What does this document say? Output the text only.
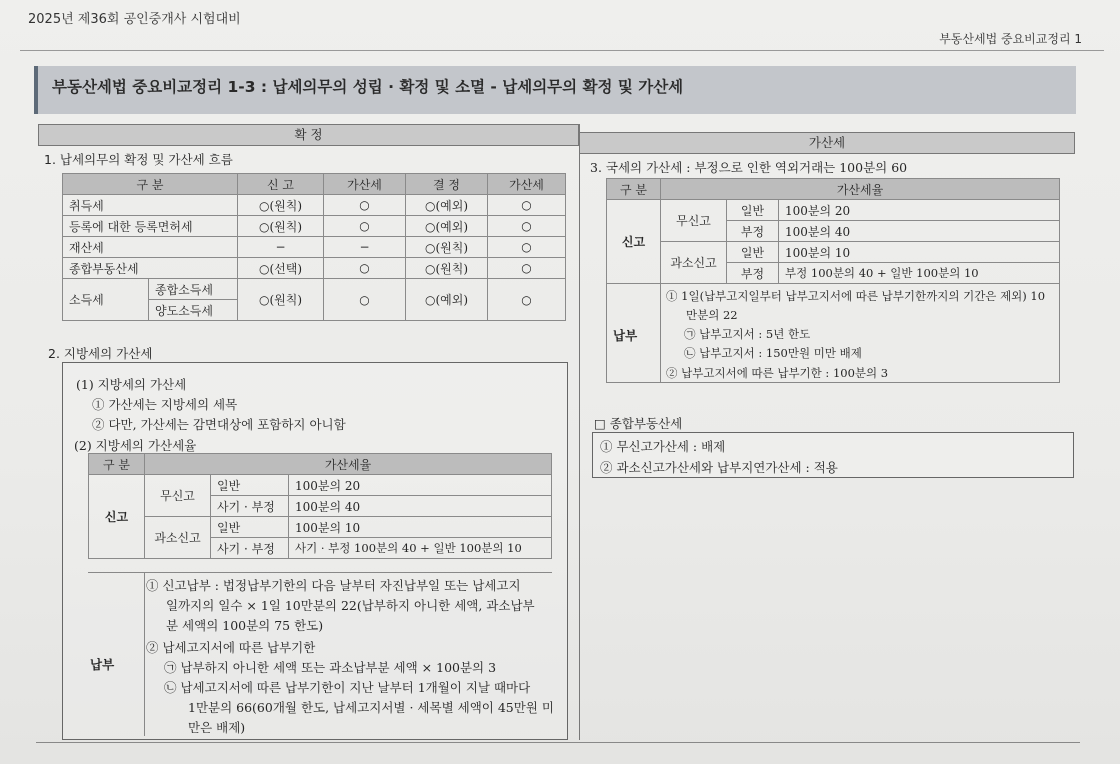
2025년 제36회 공인중개사 시험대비
부동산세법 중요비교정리 1
부동산세법 중요비교정리 1-3 : 납세의무의 성립 · 확정 및 소멸 - 납세의무의 확정 및 가산세
확 정
가산세
1. 납세의무의 확정 및 가산세 흐름
구 분		신 고	가산세	결 정	가산세
취득세		○(원칙)	○	○(예외)	○
등록에 대한 등록면허세		○(원칙)	○	○(예외)	○
재산세		−	−	○(원칙)	○
종합부동산세		○(선택)	○	○(원칙)	○
소득세	종합소득세	○(원칙)	○	○(예외)	○
	양도소득세				
2. 지방세의 가산세
(1) 지방세의 가산세
① 가산세는 지방세의 세목
② 다만, 가산세는 감면대상에 포함하지 아니함
(2) 지방세의 가산세율
구 분	가산세율		
신고	무신고	일반	100분의 20
		사기 · 부정	100분의 40
	과소신고	일반	100분의 10
		사기 · 부정	사기 · 부정 100분의 40 + 일반 100분의 10
납부
① 신고납부 : 법정납부기한의 다음 날부터 자진납부일 또는 납세고지
일까지의 일수 × 1일 10만분의 22(납부하지 아니한 세액, 과소납부
분 세액의 100분의 75 한도)
② 납세고지서에 따른 납부기한
㉠ 납부하지 아니한 세액 또는 과소납부분 세액 × 100분의 3
㉡ 납세고지서에 따른 납부기한이 지난 날부터 1개월이 지날 때마다
1만분의 66(60개월 한도, 납세고지서별 · 세목별 세액이 45만원 미
만은 배제)
3. 국세의 가산세 : 부정으로 인한 역외거래는 100분의 60
구 분	가산세율		
신고	무신고	일반	100분의 20
		부정	100분의 40
	과소신고	일반	100분의 10
		부정	부정 100분의 40 + 일반 100분의 10
납부
① 1일(납부고지일부터 납부고지서에 따른 납부기한까지의 기간은 제외) 10
만분의 22
㉠ 납부고지서 : 5년 한도
㉡ 납부고지서 : 150만원 미만 배제
② 납부고지서에 따른 납부기한 : 100분의 3
□ 종합부동산세
① 무신고가산세 : 배제
② 과소신고가산세와 납부지연가산세 : 적용
